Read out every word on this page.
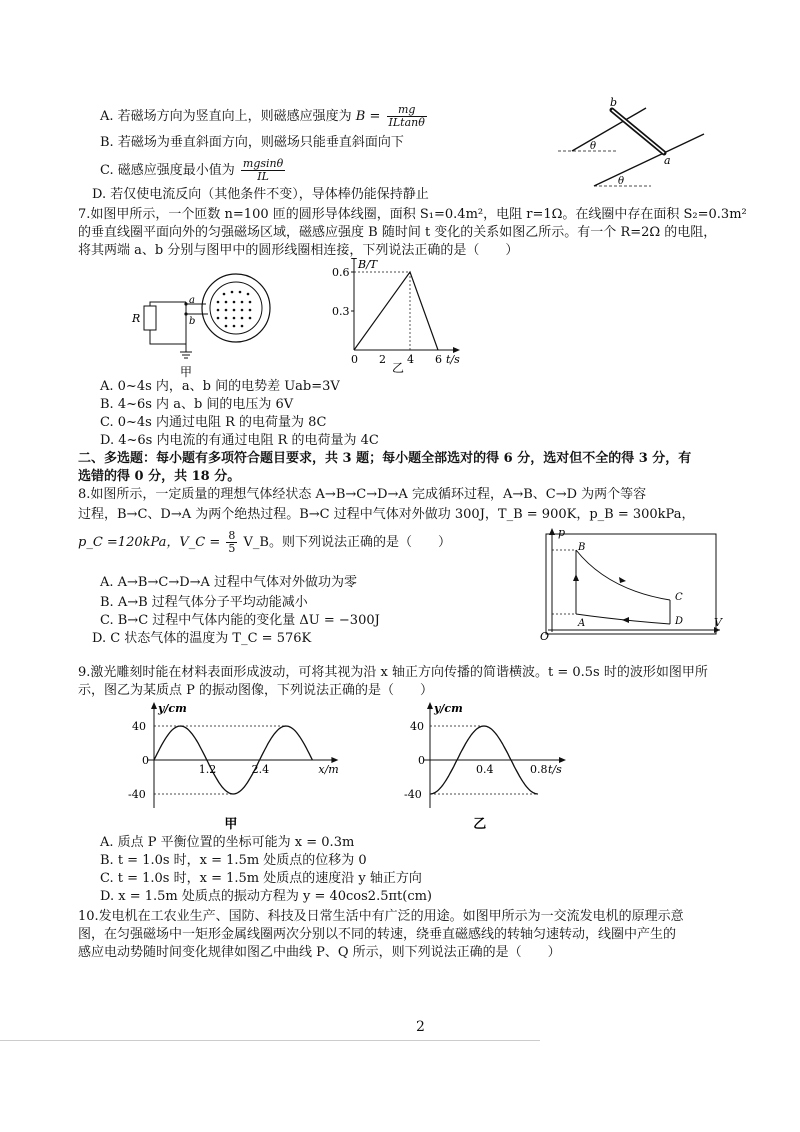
A. 若磁场方向为竖直向上，则磁感应强度为 $B = \frac{mg}{ILtan\theta}$
B. 若磁场为垂直斜面方向，则磁场只能垂直斜面向下
C. 磁感应强度最小值为 $\frac{mgsin\theta}{IL}$
D. 若仅使电流反向（其他条件不变），导体棒仍能保持静止
b
a
θ
θ
7.如图甲所示，一个匝数 n=100 匝的圆形导体线圈，面积 S₁=0.4m²，电阻 r=1Ω。在线圈中存在面积 S₂=0.3m²
的垂直线圈平面向外的匀强磁场区域，磁感应强度 B 随时间 t 变化的关系如图乙所示。有一个 R=2Ω 的电阻，
将其两端 a、b 分别与图甲中的圆形线圈相连接，下列说法正确的是（　　）
R
a
b
甲
0 2 4 6
0.3
0.6
B/T
t/s
乙
A. 0~4s 内，a、b 间的电势差 Uab=3V
B. 4~6s 内 a、b 间的电压为 6V
C. 0~4s 内通过电阻 R 的电荷量为 8C
D. 4~6s 内电流的有通过电阻 R 的电荷量为 4C
二、多选题：每小题有多项符合题目要求，共 3 题；每小题全部选对的得 6 分，选对但不全的得 3 分，有
选错的得 0 分，共 18 分。
8.如图所示，一定质量的理想气体经状态 A→B→C→D→A 完成循环过程，A→B、C→D 为两个等容
过程，B→C、D→A 为两个绝热过程。B→C 过程中气体对外做功 300J，T_B = 900K，p_B = 300kPa，
p_C =120kPa，V_C = $\frac{8}{5}$ V_B。则下列说法正确的是（　　）
A. A→B→C→D→A 过程中气体对外做功为零
B. A→B 过程气体分子平均动能减小
C. B→C 过程中气体内能的变化量 ΔU = −300J
D. C 状态气体的温度为 T_C = 576K
p
V
O
B
A
C
D
9.激光雕刻时能在材料表面形成波动，可将其视为沿 x 轴正方向传播的简谐横波。t = 0.5s 时的波形如图甲所
示，图乙为某质点 P 的振动图像，下列说法正确的是（　　）
1.2	2.4
40
-40
0
y/cm
x/m
甲
0.4	0.8
40
-40
0
y/cm
t/s
乙
A. 质点 P 平衡位置的坐标可能为 x = 0.3m
B. t = 1.0s 时，x = 1.5m 处质点的位移为 0
C. t = 1.0s 时，x = 1.5m 处质点的速度沿 y 轴正方向
D. x = 1.5m 处质点的振动方程为 y = 40cos2.5πt(cm)
10.发电机在工农业生产、国防、科技及日常生活中有广泛的用途。如图甲所示为一交流发电机的原理示意
图，在匀强磁场中一矩形金属线圈两次分别以不同的转速，绕垂直磁感线的转轴匀速转动，线圈中产生的
感应电动势随时间变化规律如图乙中曲线 P、Q 所示，则下列说法正确的是（　　）
2
